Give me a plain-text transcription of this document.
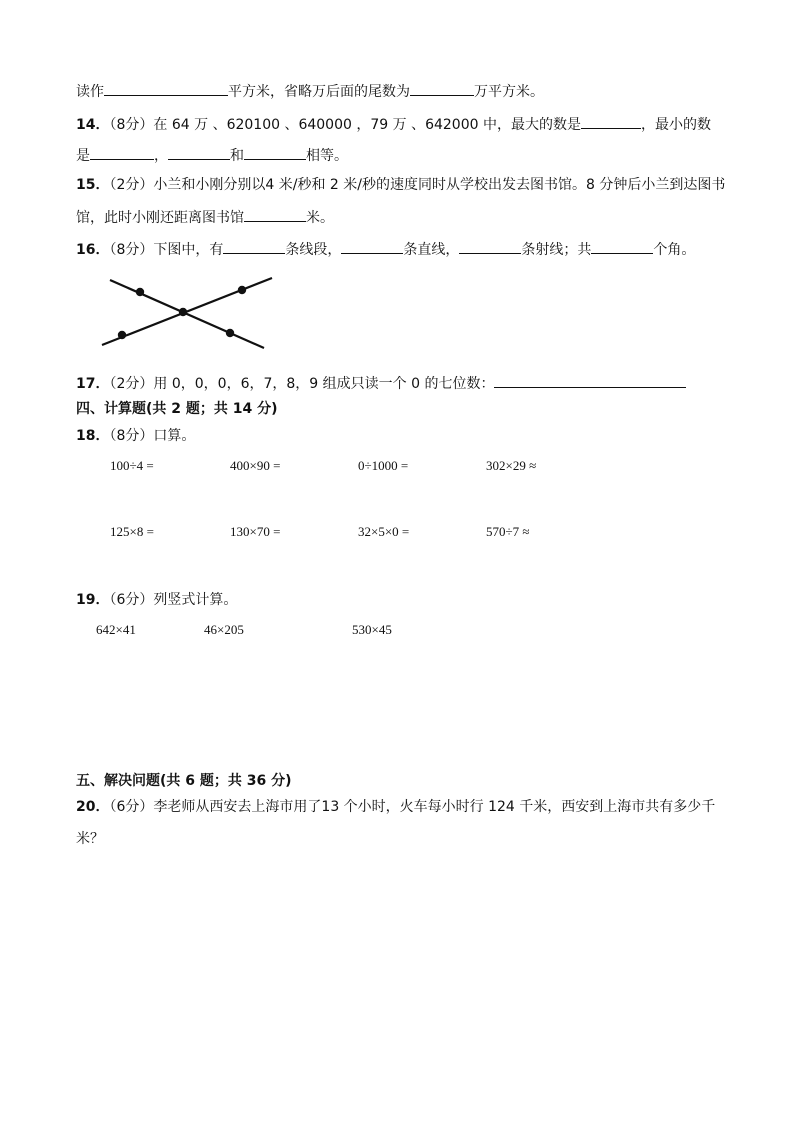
读作	平方米，省略万后面的尾数为	万平方米。
14．（8分）在 64 万 、620100 、640000 ，79 万 、642000 中，最大的数是	，最小的数
是	，	和	相等。
15．（2分）小兰和小刚分别以4 米/秒和 2 米/秒的速度同时从学校出发去图书馆。8 分钟后小兰到达图书
馆，此时小刚还距离图书馆	米。
16．（8分）下图中，有	条线段，	条直线，	条射线；共	个角。
17．（2分）用 0，0，0，6，7，8，9 组成只读一个 0 的七位数：
四、计算题(共 2 题；共 14 分)
18．（8分）口算。
100÷4 =	400×90 =	0÷1000 =	302×29 ≈
125×8 =	130×70 =	32×5×0 =	570÷7 ≈
19．（6分）列竖式计算。
642×41	46×205	530×45
五、解决问题(共 6 题；共 36 分)
20．（6分）李老师从西安去上海市用了13 个小时，火车每小时行 124 千米，西安到上海市共有多少千
米？
